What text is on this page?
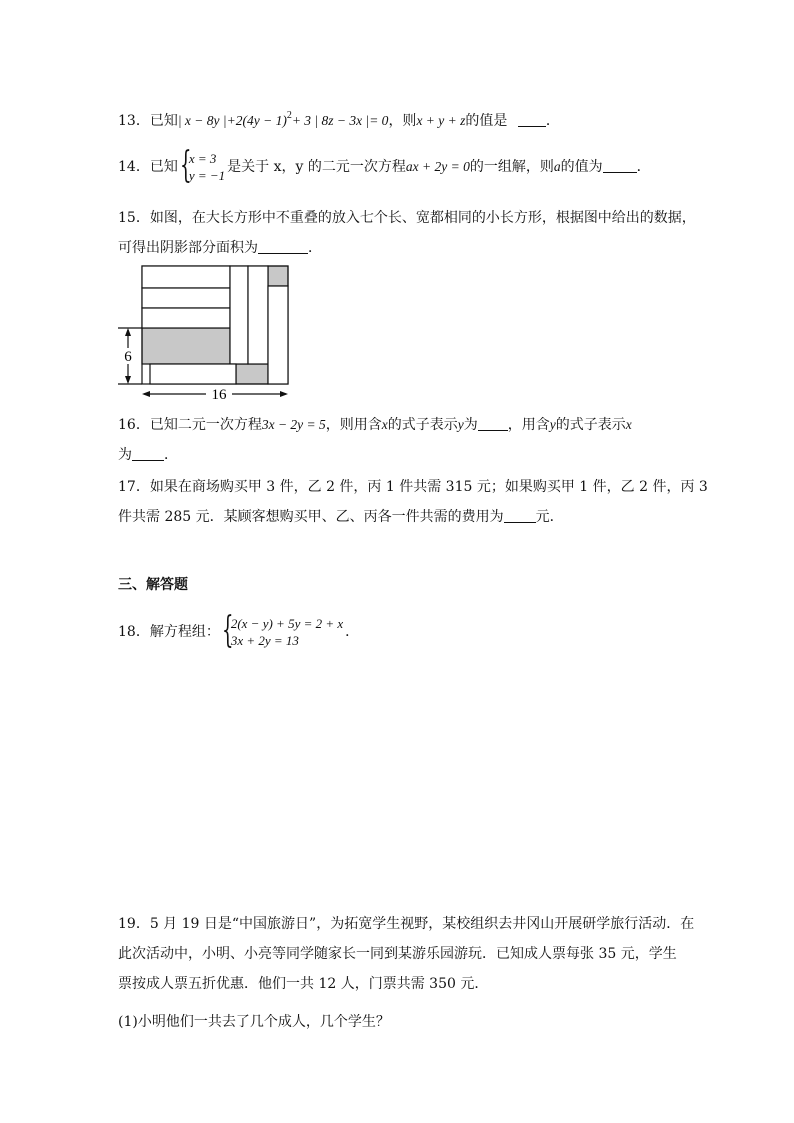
13．已知| x − 8y $|+2(4y - 1)^2+ 3$ | 8z − 3x |= 0，则x + y + z的值是	．
14．已知 {
x = 3
y = −1
是关于 x，y 的二元一次方程ax + 2y = 0的一组解，则a的值为 ．
15．如图，在大长方形中不重叠的放入七个长、宽都相同的小长方形，根据图中给出的数据，
可得出阴影部分面积为	．
6
16
16．已知二元一次方程3x − 2y = 5，则用含x的式子表示y为 ，用含y的式子表示x
为 ．
17．如果在商场购买甲 3 件，乙 2 件，丙 1 件共需 315 元；如果购买甲 1 件，乙 2 件，丙 3
件共需 285 元．某顾客想购买甲、乙、丙各一件共需的费用为 元．
三、解答题
18．解方程组： {
2(x − y) + 5y = 2 + x
3x + 2y = 13
．
19．5 月 19 日是“中国旅游日”，为拓宽学生视野，某校组织去井冈山开展研学旅行活动．在
此次活动中，小明、小亮等同学随家长一同到某游乐园游玩．已知成人票每张 35 元，学生
票按成人票五折优惠．他们一共 12 人，门票共需 350 元．
(1)小明他们一共去了几个成人，几个学生？
